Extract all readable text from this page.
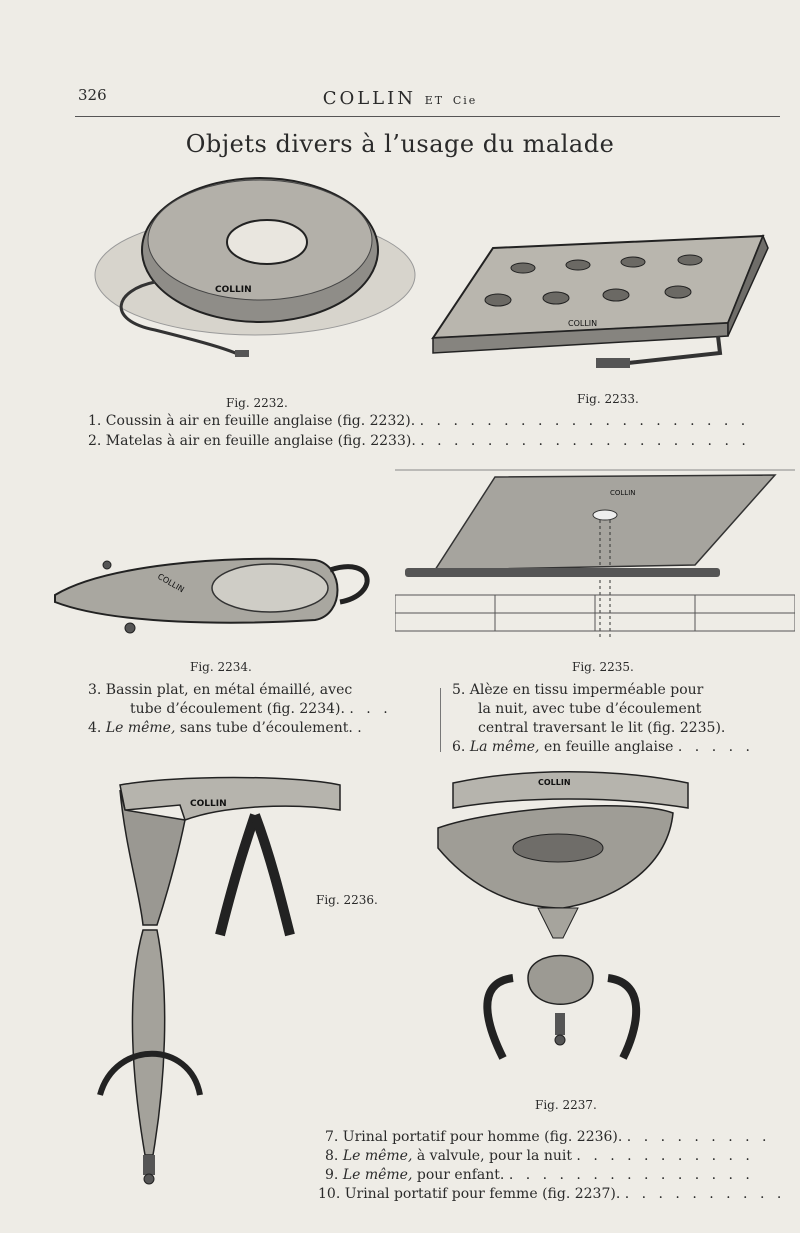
326	COLLIN ET Cie
Objets divers à l’usage du malade
COLLIN
Fig. 2232.
COLLIN
Fig. 2233.
1. Coussin à air en feuille anglaise (fig. 2232). . . . . . . . . . . . . . . . . . . . .
2. Matelas à air en feuille anglaise (fig. 2233). . . . . . . . . . . . . . . . . . . . .
COLLIN
Fig. 2234.
COLLIN
Fig. 2235.
3. Bassin plat, en métal émaillé, avec
tube d’écoulement (fig. 2234). . . .
4. Le même, sans tube d’écoulement. .
5. Alèze en tissu imperméable pour
la nuit, avec tube d’écoulement
central traversant le lit (fig. 2235).
6. La même, en feuille anglaise . . . . .
COLLIN
Fig. 2236.
COLLIN
Fig. 2237.
7. Urinal portatif pour homme (fig. 2236). . . . . . . . . .
8. Le même, à valvule, pour la nuit . . . . . . . . . . .
9. Le même, pour enfant. . . . . . . . . . . . . . . .
10. Urinal portatif pour femme (fig. 2237). . . . . . . . . . .
